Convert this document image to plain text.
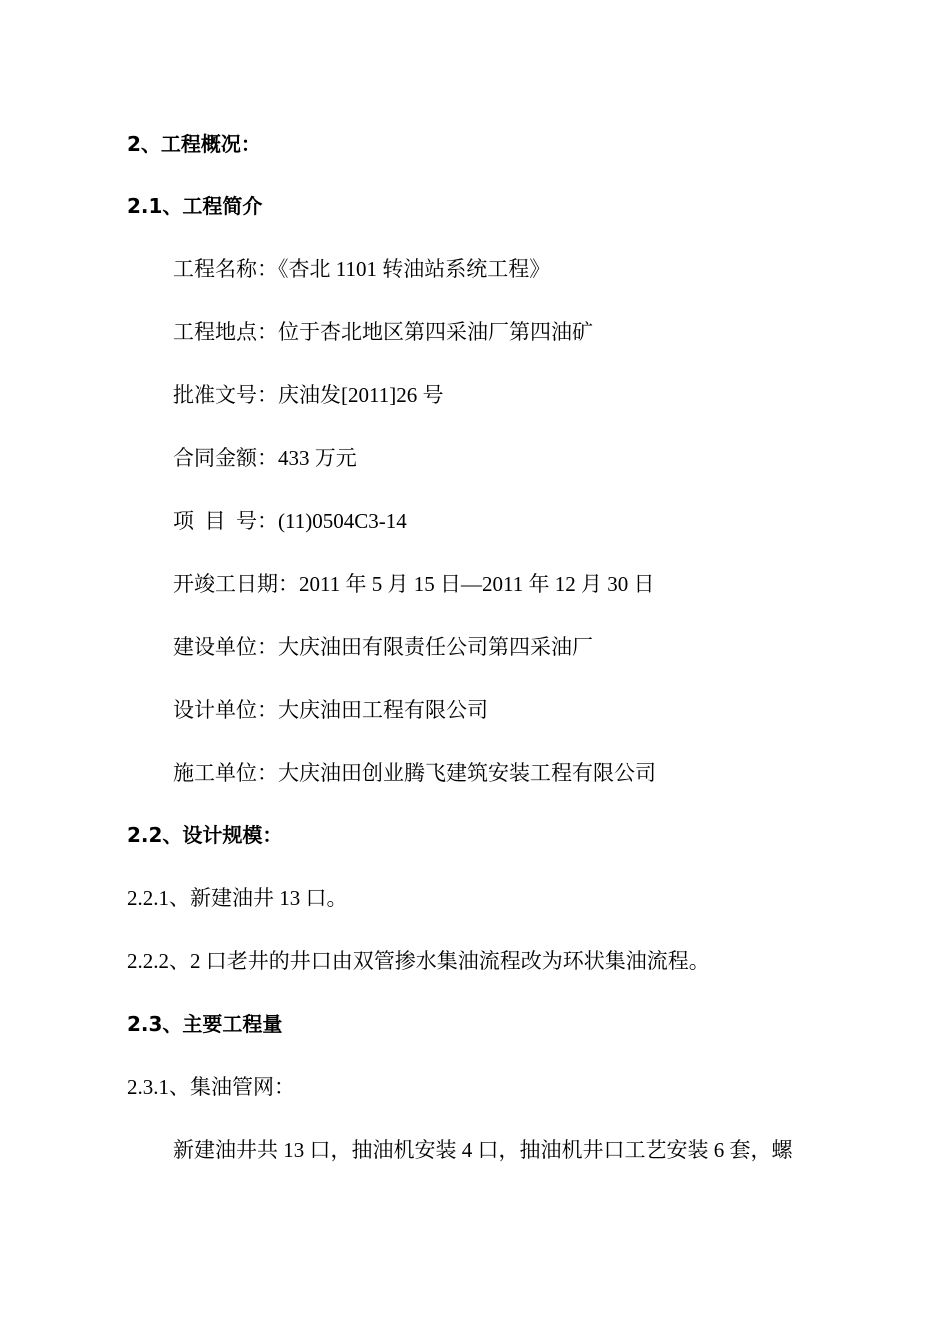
2、工程概况：

2.1、工程简介

工程名称：《杏北 1101 转油站系统工程》

工程地点：位于杏北地区第四采油厂第四油矿

批准文号：庆油发[2011]26 号

合同金额：433 万元

项  目  号：(11)0504C3-14

开竣工日期：2011 年 5 月 15 日—2011 年 12 月 30 日

建设单位：大庆油田有限责任公司第四采油厂

设计单位：大庆油田工程有限公司

施工单位：大庆油田创业腾飞建筑安装工程有限公司

2.2、设计规模：

2.2.1、新建油井 13 口。

2.2.2、2 口老井的井口由双管掺水集油流程改为环状集油流程。

2.3、主要工程量

2.3.1、集油管网：

新建油井共 13 口，抽油机安装 4 口，抽油机井口工艺安装 6 套，螺
